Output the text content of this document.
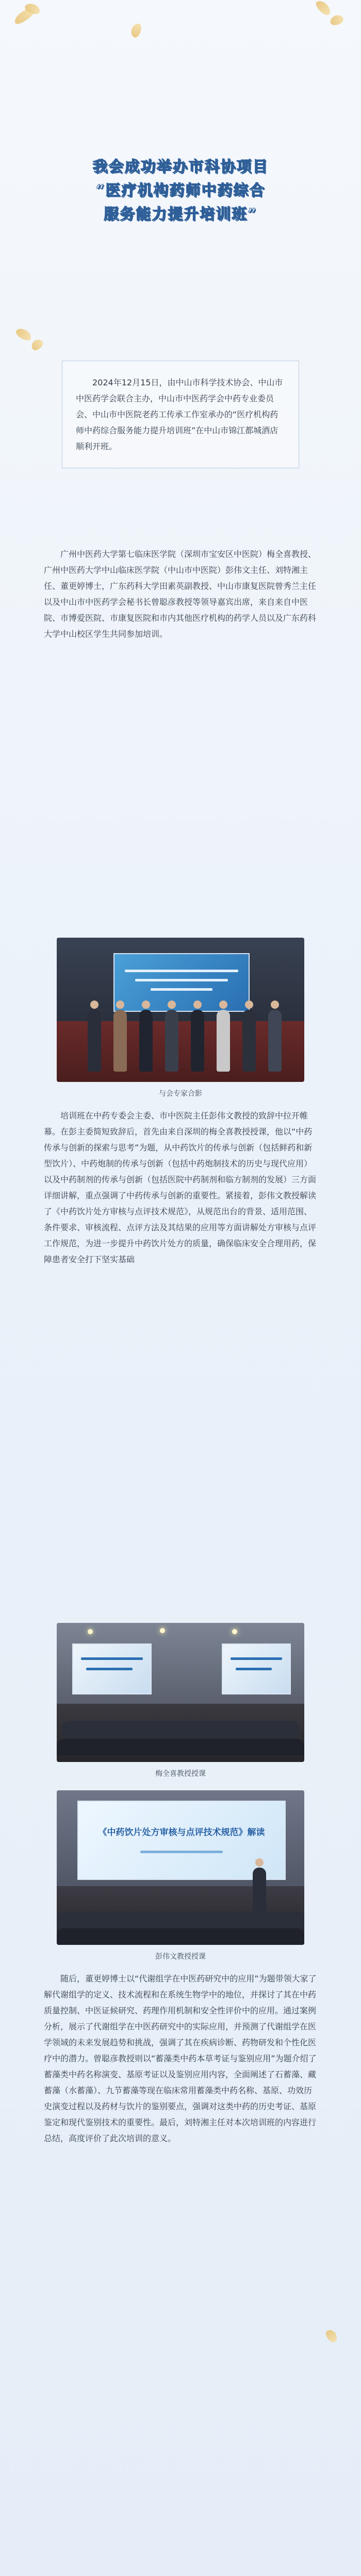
我会成功举办市科协项目
“医疗机构药师中药综合
服务能力提升培训班”

2024年12月15日，由中山市科学技术协会、中山市中医药学会联合主办，中山市中医药学会中药专业委员会、中山市中医院老药工传承工作室承办的“医疗机构药师中药综合服务能力提升培训班”在中山市锦江都城酒店顺利开班。

广州中医药大学第七临床医学院（深圳市宝安区中医院）梅全喜教授、广州中医药大学中山临床医学院（中山市中医院）彭伟文主任、刘特湘主任、董更婷博士，广东药科大学田素英副教授、中山市康复医院曾秀兰主任以及中山市中医药学会秘书长曾聪彦教授等领导嘉宾出席，来自来自中医院、市博爱医院、市康复医院和市内其他医疗机构的药学人员以及广东药科大学中山校区学生共同参加培训。

与会专家合影

培训班在中药专委会主委、市中医院主任彭伟文教授的致辞中拉开帷幕。在彭主委简短致辞后，首先由来自深圳的梅全喜教授授课，他以“中药传承与创新的探索与思考”为题，从中药饮片的传承与创新（包括鲜药和新型饮片）、中药炮制的传承与创新（包括中药炮制技术的历史与现代应用）以及中药制剂的传承与创新（包括医院中药制剂和临方制剂的发展）三方面详细讲解，重点强调了中药传承与创新的重要性。紧接着，彭伟文教授解读了《中药饮片处方审核与点评技术规范》，从规范出台的背景、适用范围、条件要求、审核流程、点评方法及其结果的应用等方面讲解处方审核与点评工作规范，为进一步提升中药饮片处方的质量，确保临床安全合理用药，保障患者安全打下坚实基础

梅全喜教授授课
《中药饮片处方审核与点评技术规范》解读
彭伟文教授授课

随后，董更婷博士以“代谢组学在中医药研究中的应用”为题带领大家了解代谢组学的定义、技术流程和在系统生物学中的地位，并探讨了其在中药质量控制、中医证候研究、药理作用机制和安全性评价中的应用。通过案例分析，展示了代谢组学在中医药研究中的实际应用，并预测了代谢组学在医学领域的未来发展趋势和挑战，强调了其在疾病诊断、药物研发和个性化医疗中的潜力。曾聪彦教授则以“蓄藻类中药本草考证与鉴别应用”为题介绍了蓄藻类中药名称演变、基原考证以及鉴别应用内容，全面阐述了石蓄藻、藏蓄藻（水蓄藻）、九节蓄藻等现在临床常用蓄藻类中药名称、基原、功效历史演变过程以及药材与饮片的鉴别要点，强调对这类中药的历史考证、基原鉴定和现代鉴别技术的重要性。最后，刘特湘主任对本次培训班的内容进行总结，高度评价了此次培训的意义。
